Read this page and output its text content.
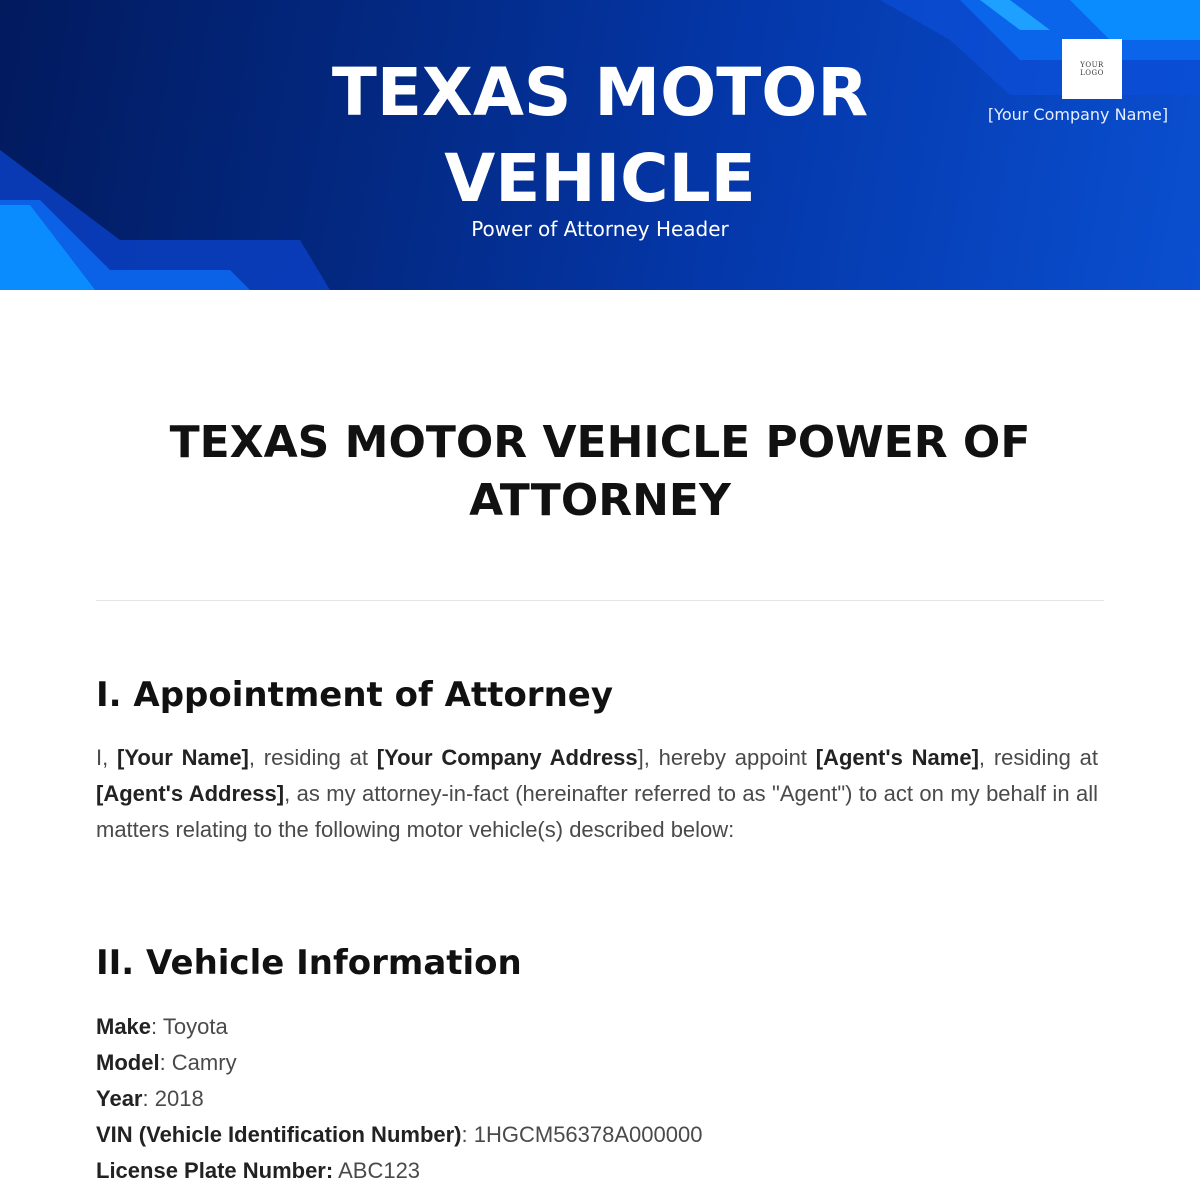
TEXAS MOTOR
VEHICLE
Power of Attorney Header
YOUR
LOGO
[Your Company Name]
TEXAS MOTOR VEHICLE POWER OF
ATTORNEY
I. Appointment of Attorney

I, [Your Name], residing at [Your Company Address], hereby appoint [Agent's Name], residing at [Agent's Address], as my attorney-in-fact (hereinafter referred to as "Agent") to act on my behalf in all matters relating to the following motor vehicle(s) described below:

II. Vehicle Information
Make: Toyota
Model: Camry
Year: 2018
VIN (Vehicle Identification Number): 1HGCM56378A000000
License Plate Number: ABC123
